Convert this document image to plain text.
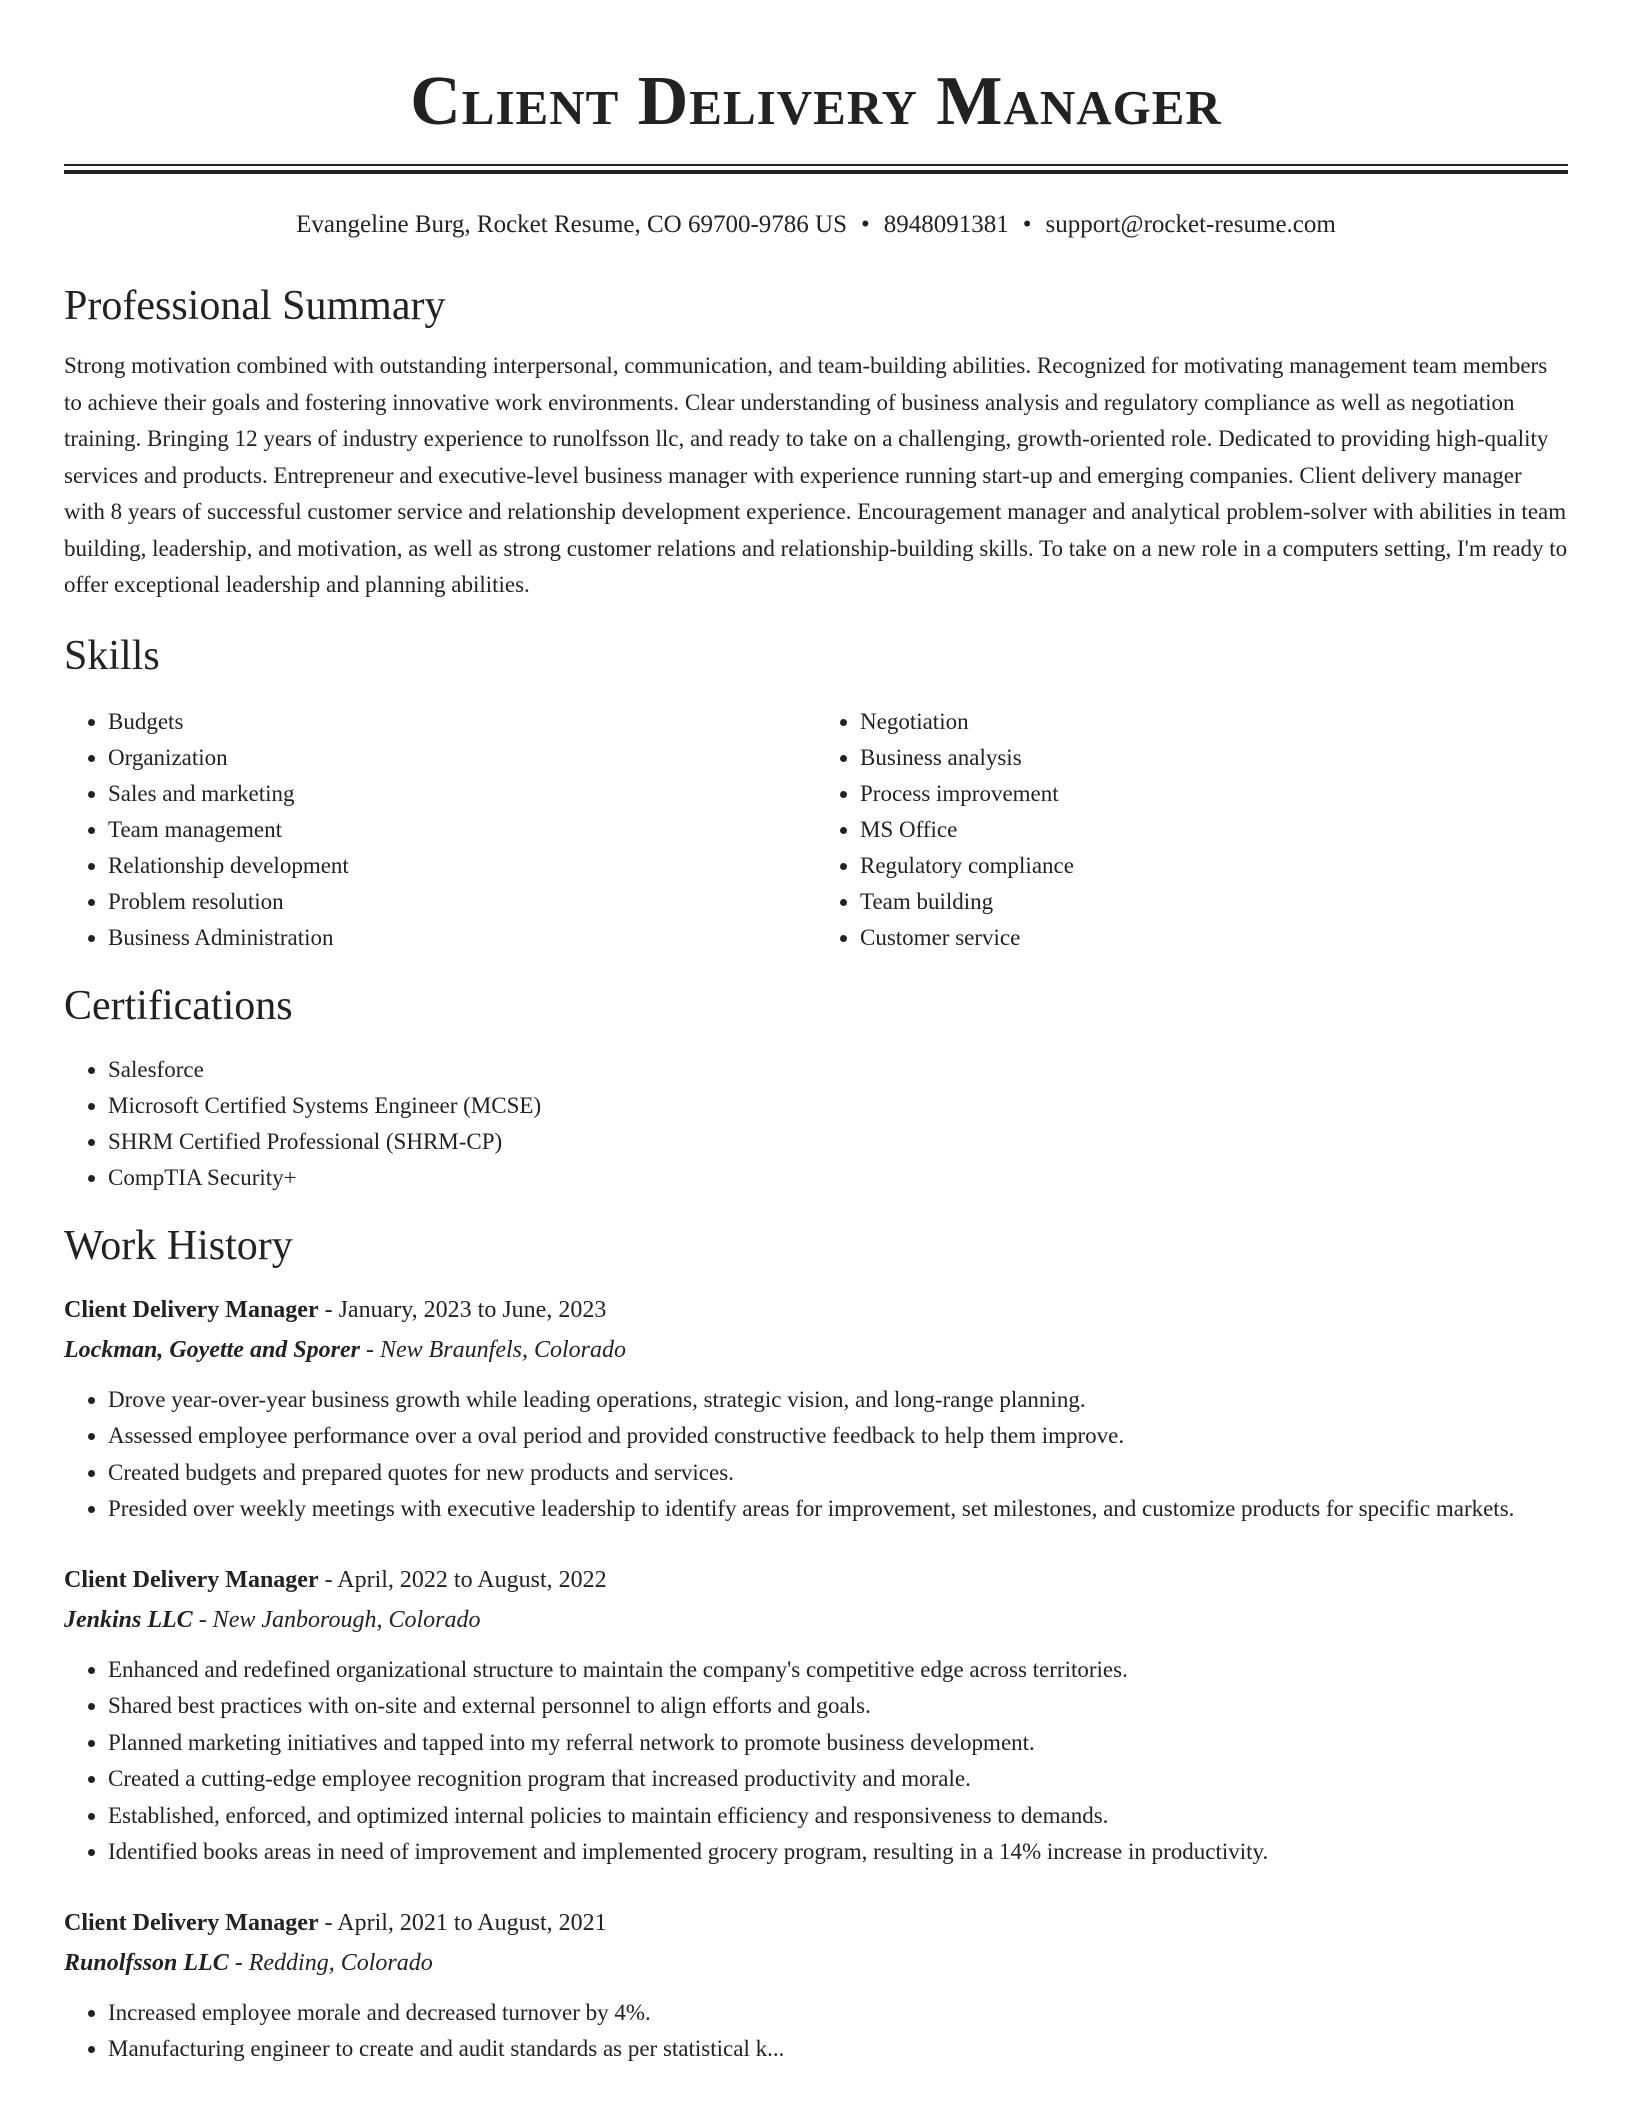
Client Delivery Manager
Evangeline Burg, Rocket Resume, CO 69700-9786 US • 8948091381 • support@rocket-resume.com
Professional Summary

Strong motivation combined with outstanding interpersonal, communication, and team-building abilities. Recognized for motivating management team members to achieve their goals and fostering innovative work environments. Clear understanding of business analysis and regulatory compliance as well as negotiation training. Bringing 12 years of industry experience to runolfsson llc, and ready to take on a challenging, growth-oriented role. Dedicated to providing high-quality services and products. Entrepreneur and executive-level business manager with experience running start-up and emerging companies. Client delivery manager with 8 years of successful customer service and relationship development experience. Encouragement manager and analytical problem-solver with abilities in team building, leadership, and motivation, as well as strong customer relations and relationship-building skills. To take on a new role in a computers setting, I'm ready to offer exceptional leadership and planning abilities.

Skills
• Budgets
• Organization
• Sales and marketing
• Team management
• Relationship development
• Problem resolution
• Business Administration
• Negotiation
• Business analysis
• Process improvement
• MS Office
• Regulatory compliance
• Team building
• Customer service
Certifications
• Salesforce
• Microsoft Certified Systems Engineer (MCSE)
• SHRM Certified Professional (SHRM-CP)
• CompTIA Security+
Work History
Client Delivery Manager - January, 2023 to June, 2023
Lockman, Goyette and Sporer - New Braunfels, Colorado
• Drove year-over-year business growth while leading operations, strategic vision, and long-range planning.
• Assessed employee performance over a oval period and provided constructive feedback to help them improve.
• Created budgets and prepared quotes for new products and services.
• Presided over weekly meetings with executive leadership to identify areas for improvement, set milestones, and customize products for specific markets.
Client Delivery Manager - April, 2022 to August, 2022
Jenkins LLC - New Janborough, Colorado
• Enhanced and redefined organizational structure to maintain the company's competitive edge across territories.
• Shared best practices with on-site and external personnel to align efforts and goals.
• Planned marketing initiatives and tapped into my referral network to promote business development.
• Created a cutting-edge employee recognition program that increased productivity and morale.
• Established, enforced, and optimized internal policies to maintain efficiency and responsiveness to demands.
• Identified books areas in need of improvement and implemented grocery program, resulting in a 14% increase in productivity.
Client Delivery Manager - April, 2021 to August, 2021
Runolfsson LLC - Redding, Colorado
• Increased employee morale and decreased turnover by 4%.
• Manufacturing engineer to create and audit standards as per statistical k...
